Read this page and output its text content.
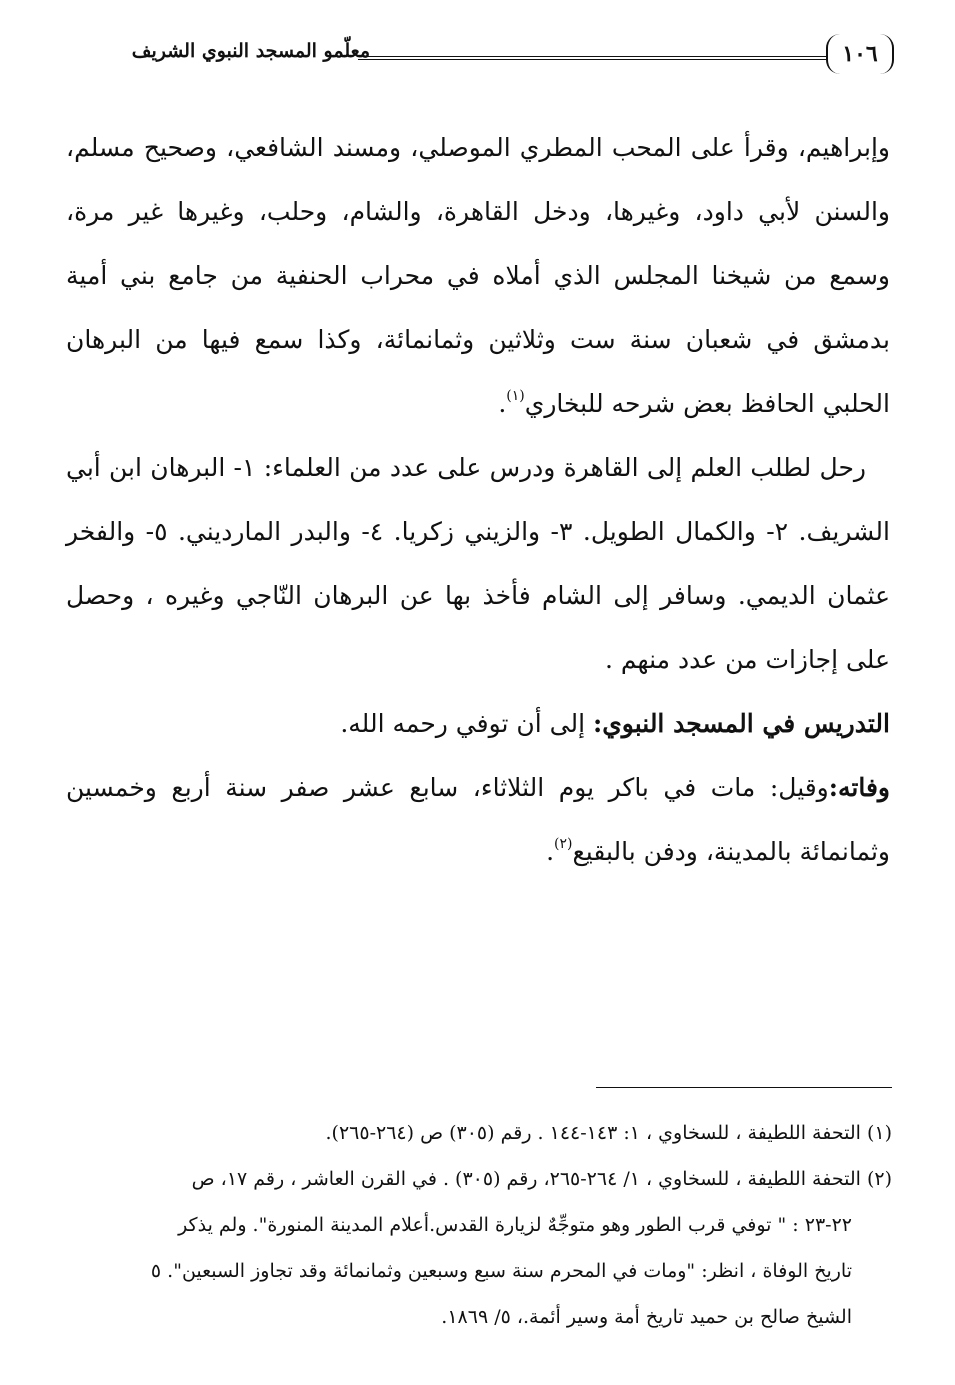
معلّمو المسجد النبوي الشريف	١٠٦

وإبراهيم، وقرأ على المحب المطري الموصلي، ومسند الشافعي، وصحيح مسلم، والسنن لأبي داود، وغيرها، ودخل القاهرة، والشام، وحلب، وغيرها غير مرة، وسمع من شيخنا المجلس الذي أملاه في محراب الحنفية من جامع بني أمية بدمشق في شعبان سنة ست وثلاثين وثمانمائة، وكذا سمع فيها من البرهان الحلبي الحافظ بعض شرحه للبخاري$^{(١)}$.

رحل لطلب العلم إلى القاهرة ودرس على عدد من العلماء: ١- البرهان ابن أبي الشريف. ٢- والكمال الطويل. ٣- والزيني زكريا. ٤- والبدر المارديني. ٥- والفخر عثمان الديمي. وسافر إلى الشام فأخذ بها عن البرهان النّاجي وغيره ، وحصل على إجازات من عدد منهم .

التدريس في المسجد النبوي: إلى أن توفي رحمه الله.

وفاته:وقيل: مات في باكر يوم الثلاثاء، سابع عشر صفر سنة أربع وخمسين وثمانمائة بالمدينة، ودفن بالبقيع$^{(٢)}$.

(١) التحفة اللطيفة ، للسخاوي ، ١: ١٤٣-١٤٤ . رقم (٣٠٥) ص (٢٦٤-٢٦٥).

(٢) التحفة اللطيفة ، للسخاوي ، ١/ ٢٦٤-٢٦٥، رقم (٣٠٥) . في القرن العاشر ، رقم ١٧، ص

٢٢-٢٣ : " توفي قرب الطور وهو متوجِّهٌ لزيارة القدس.أعلام المدينة المنورة". ولم يذكر

تاريخ الوفاة ، انظر: "ومات في المحرم سنة سبع وسبعين وثمانمائة وقد تجاوز السبعين". ٥

الشيخ صالح بن حميد تاريخ أمة وسير أئمة.، ٥/ ١٨٦٩.
